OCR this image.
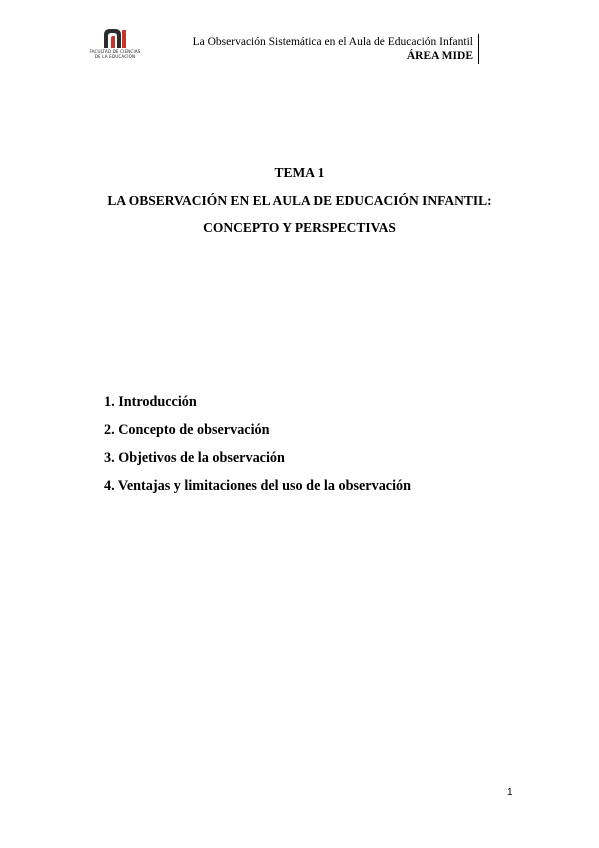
FACULTAD DE CIENCIAS
DE LA EDUCACIÓN
La Observación Sistemática en el Aula de Educación Infantil
ÁREA MIDE
TEMA 1
LA OBSERVACIÓN EN EL AULA DE EDUCACIÓN INFANTIL:
CONCEPTO Y PERSPECTIVAS
1. Introducción
2. Concepto de observación
3. Objetivos de la observación
4. Ventajas y limitaciones del uso de la observación
1
